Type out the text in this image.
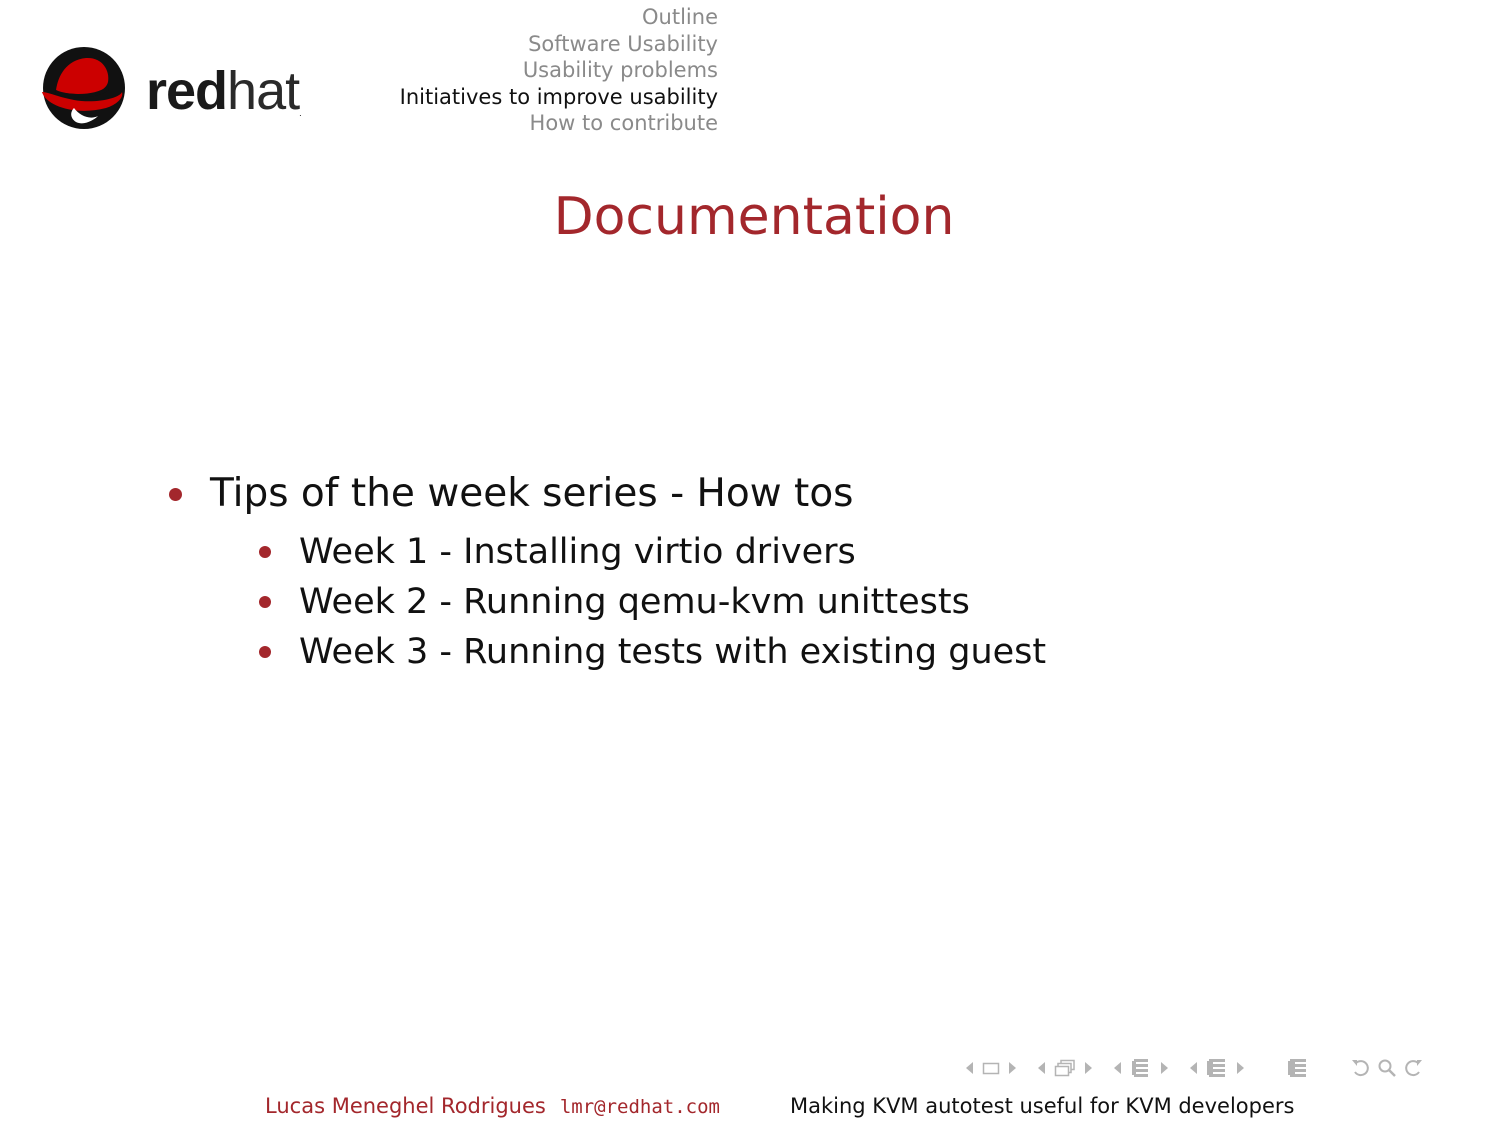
redhat.
Outline
Software Usability
Usability problems
Initiatives to improve usability
How to contribute
Documentation
Tips of the week series - How tos
Week 1 - Installing virtio drivers
Week 2 - Running qemu-kvm unittests
Week 3 - Running tests with existing guest
Lucas Meneghel Rodrigues lmr@redhat.com	Making KVM autotest useful for KVM developers
